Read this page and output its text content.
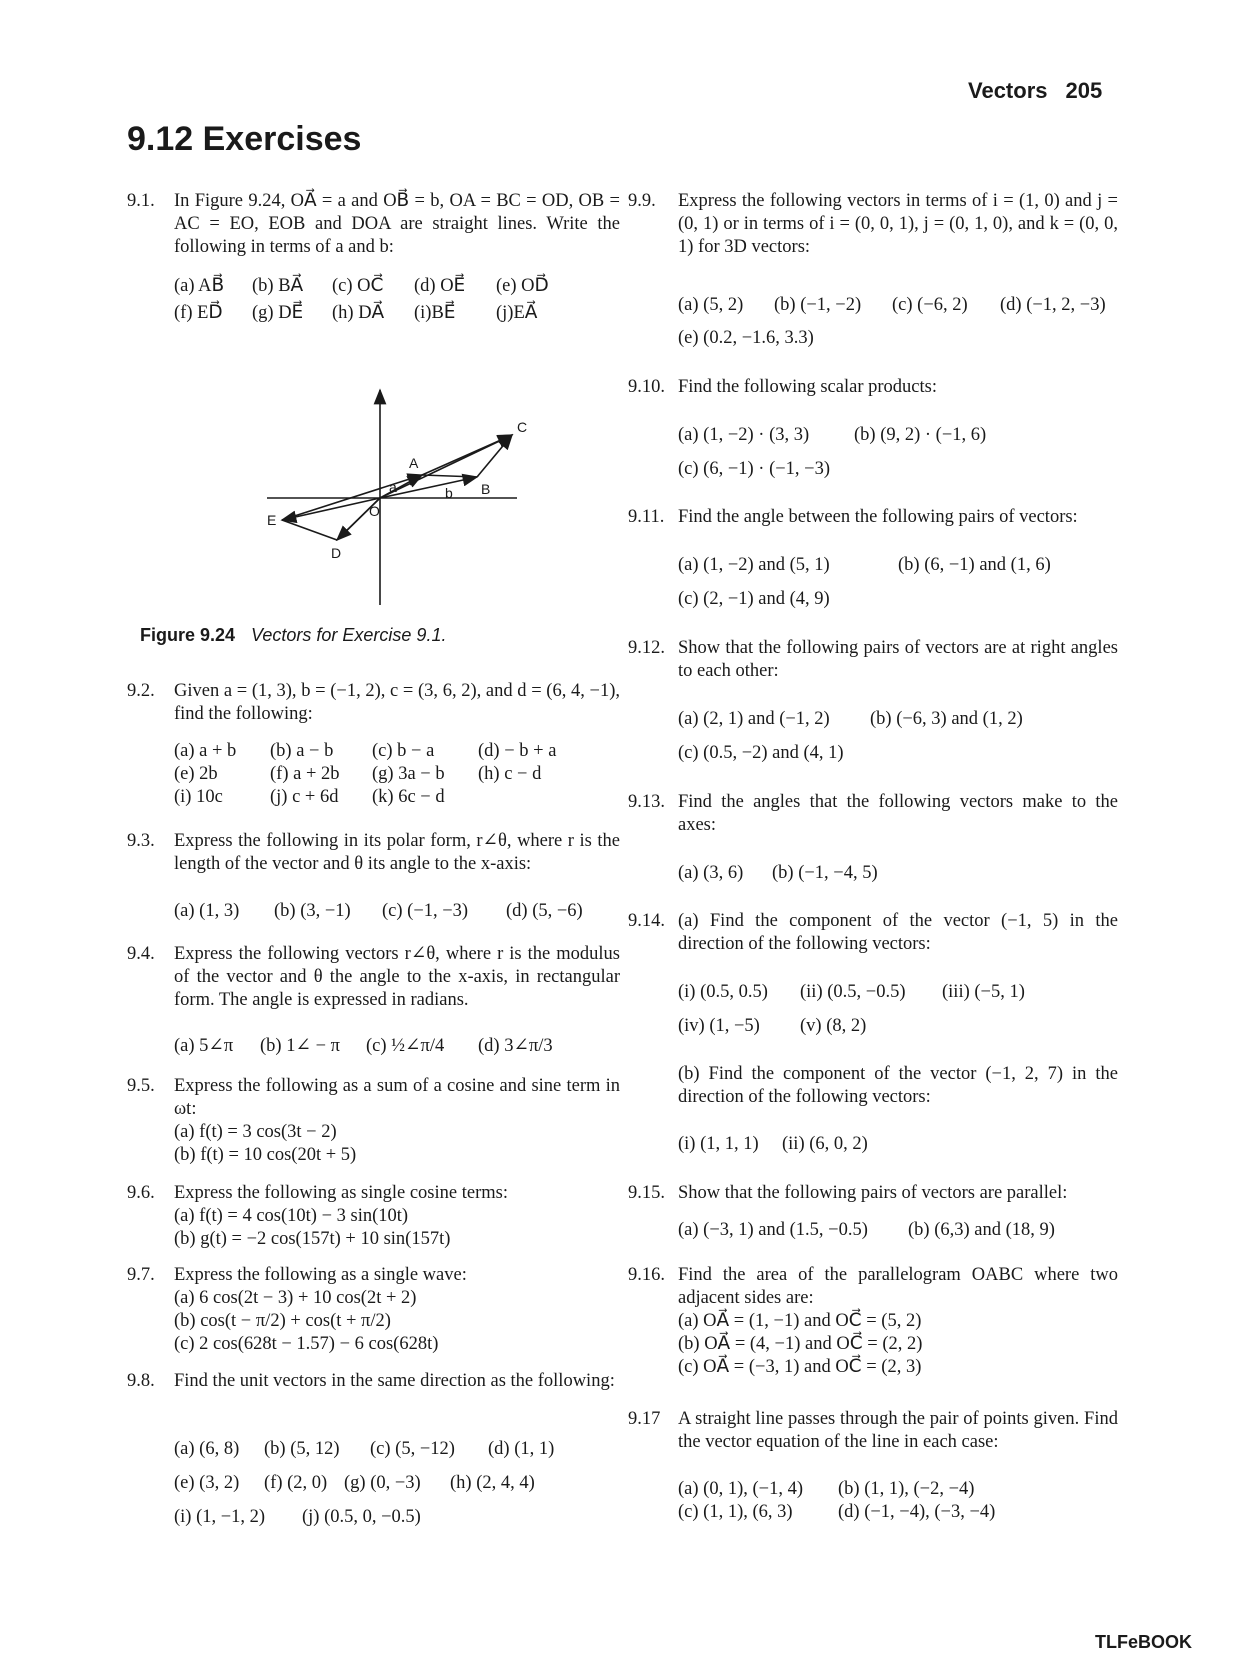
Vectors 205
9.12 Exercises
9.1.	In Figure 9.24, OA⃗ = a and OB⃗ = b, OA = BC = OD, OB = AC = EO, EOB and DOA are straight lines. Write the following in terms of a and b:
(a) AB⃗ (b) BA⃗ (c) OC⃗ (d) OE⃗ (e) OD⃗
(f) ED⃗ (g) DE⃗ (h) DA⃗ (i)BE⃗ (j)EA⃗
A
B
C
D
E
O
a	b
Figure 9.24 Vectors for Exercise 9.1.
9.2.	Given a = (1, 3), b = (−1, 2), c = (3, 6, 2), and d = (6, 4, −1), find the following:
(a) a + b (b) a − b (c) b − a (d) − b + a
(e) 2b	(f) a + 2b (g) 3a − b (h) c − d
(i) 10c	(j) c + 6d (k) 6c − d
9.3.	Express the following in its polar form, r∠θ, where r is the length of the vector and θ its angle to the x-axis:
(a) (1, 3) (b) (3, −1) (c) (−1, −3) (d) (5, −6)
9.4.	Express the following vectors r∠θ, where r is the modulus of the vector and θ the angle to the x-axis, in rectangular form. The angle is expressed in radians.
(a) 5∠π (b) 1∠ − π (c) ½∠π/4 (d) 3∠π/3
9.5.	Express the following as a sum of a cosine and sine term in ωt:
(a) f(t) = 3 cos(3t − 2)
(b) f(t) = 10 cos(20t + 5)
9.6.	Express the following as single cosine terms:
(a) f(t) = 4 cos(10t) − 3 sin(10t)
(b) g(t) = −2 cos(157t) + 10 sin(157t)
9.7.	Express the following as a single wave:
(a) 6 cos(2t − 3) + 10 cos(2t + 2)
(b) cos(t − π/2) + cos(t + π/2)
(c) 2 cos(628t − 1.57) − 6 cos(628t)
9.8.	Find the unit vectors in the same direction as the following:
(a) (6, 8) (b) (5, 12) (c) (5, −12) (d) (1, 1)
(e) (3, 2) (f) (2, 0) (g) (0, −3) (h) (2, 4, 4)
(i) (1, −1, 2) (j) (0.5, 0, −0.5)
9.9.	Express the following vectors in terms of i = (1, 0) and j = (0, 1) or in terms of i = (0, 0, 1), j = (0, 1, 0), and k = (0, 0, 1) for 3D vectors:
(a) (5, 2) (b) (−1, −2) (c) (−6, 2) (d) (−1, 2, −3)
(e) (0.2, −1.6, 3.3)
9.10. Find the following scalar products:
(a) (1, −2) · (3, 3) (b) (9, 2) · (−1, 6)
(c) (6, −1) · (−1, −3)
9.11. Find the angle between the following pairs of vectors:
(a) (1, −2) and (5, 1)	(b) (6, −1) and (1, 6)
(c) (2, −1) and (4, 9)
9.12. Show that the following pairs of vectors are at right angles to each other:
(a) (2, 1) and (−1, 2) (b) (−6, 3) and (1, 2)
(c) (0.5, −2) and (4, 1)
9.13. Find the angles that the following vectors make to the axes:
(a) (3, 6) (b) (−1, −4, 5)
9.14. (a) Find the component of the vector (−1, 5) in the direction of the following vectors:
(i) (0.5, 0.5) (ii) (0.5, −0.5) (iii) (−5, 1)
(iv) (1, −5) (v) (8, 2)
(b) Find the component of the vector (−1, 2, 7) in the direction of the following vectors:
(i) (1, 1, 1) (ii) (6, 0, 2)
9.15. Show that the following pairs of vectors are parallel:
(a) (−3, 1) and (1.5, −0.5) (b) (6,3) and (18, 9)
9.16. Find the area of the parallelogram OABC where two adjacent sides are:
(a) OA⃗ = (1, −1) and OC⃗ = (5, 2)
(b) OA⃗ = (4, −1) and OC⃗ = (2, 2)
(c) OA⃗ = (−3, 1) and OC⃗ = (2, 3)
9.17 A straight line passes through the pair of points given. Find the vector equation of the line in each case:
(a) (0, 1), (−1, 4) (b) (1, 1), (−2, −4)
(c) (1, 1), (6, 3) (d) (−1, −4), (−3, −4)
TLFeBOOK
